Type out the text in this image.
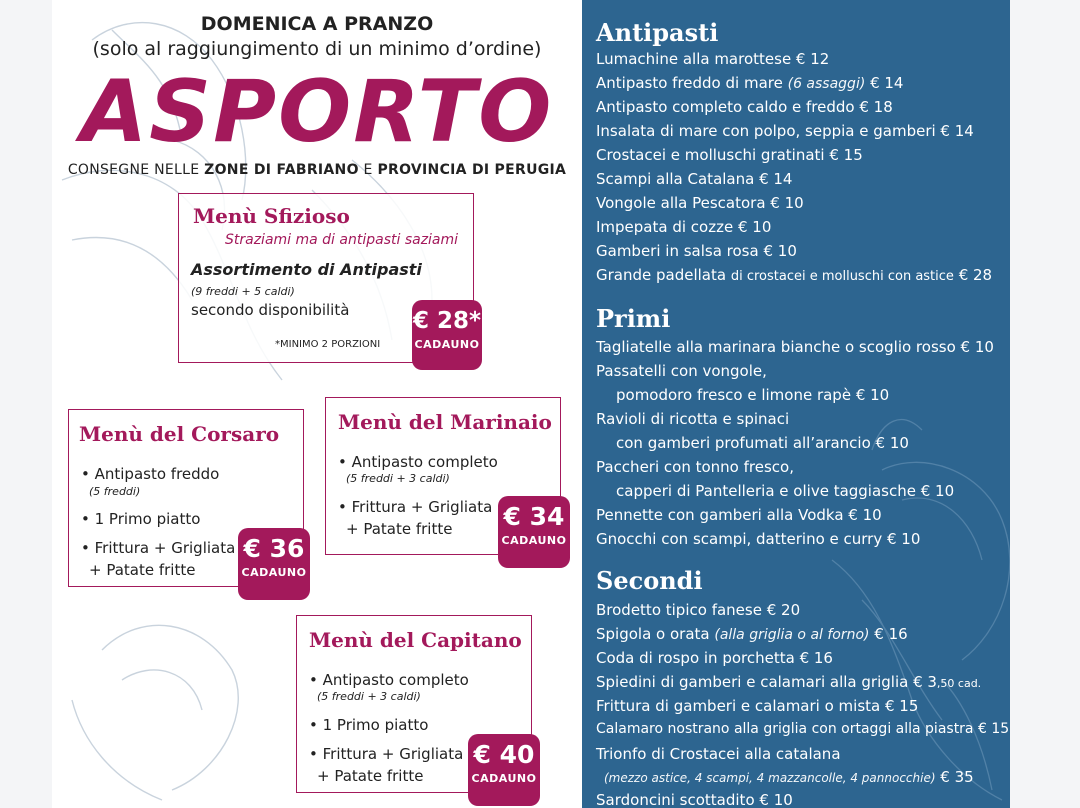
DOMENICA A PRANZO
(solo al raggiungimento di un minimo d’ordine)
ASPORTO
CONSEGNE NELLE ZONE DI FABRIANO E PROVINCIA DI PERUGIA
Menù Sfizioso
Straziami ma di antipasti saziami
Assortimento di Antipasti
(9 freddi + 5 caldi)
secondo disponibilità
*MINIMO 2 PORZIONI
€ 28*
CADAUNO
Menù del Corsaro
• Antipasto freddo
(5 freddi)
• 1 Primo piatto
• Frittura + Grigliata
+ Patate fritte
€ 36
CADAUNO
Menù del Marinaio
• Antipasto completo
(5 freddi + 3 caldi)
• Frittura + Grigliata
+ Patate fritte € 34
CADAUNO
Menù del Capitano
• Antipasto completo
(5 freddi + 3 caldi)
• 1 Primo piatto
• Frittura + Grigliata
+ Patate fritte
€ 40
CADAUNO
Antipasti
Lumachine alla marottese € 12
Antipasto freddo di mare (6 assaggi) € 14
Antipasto completo caldo e freddo € 18
Insalata di mare con polpo, seppia e gamberi € 14
Crostacei e molluschi gratinati € 15
Scampi alla Catalana € 14
Vongole alla Pescatora € 10
Impepata di cozze € 10
Gamberi in salsa rosa € 10
Grande padellata di crostacei e molluschi con astice € 28
Primi
Tagliatelle alla marinara bianche o scoglio rosso € 10
Passatelli con vongole,
pomodoro fresco e limone rapè € 10
Ravioli di ricotta e spinaci
con gamberi profumati all’arancio € 10
Paccheri con tonno fresco,
capperi di Pantelleria e olive taggiasche € 10
Pennette con gamberi alla Vodka € 10
Gnocchi con scampi, datterino e curry € 10
Secondi
Brodetto tipico fanese € 20
Spigola o orata (alla griglia o al forno) € 16
Coda di rospo in porchetta € 16
Spiedini di gamberi e calamari alla griglia € 3,50 cad.
Frittura di gamberi e calamari o mista € 15
Calamaro nostrano alla griglia con ortaggi alla piastra € 15
Trionfo di Crostacei alla catalana
(mezzo astice, 4 scampi, 4 mazzancolle, 4 pannocchie) € 35
Sardoncini scottadito € 10
